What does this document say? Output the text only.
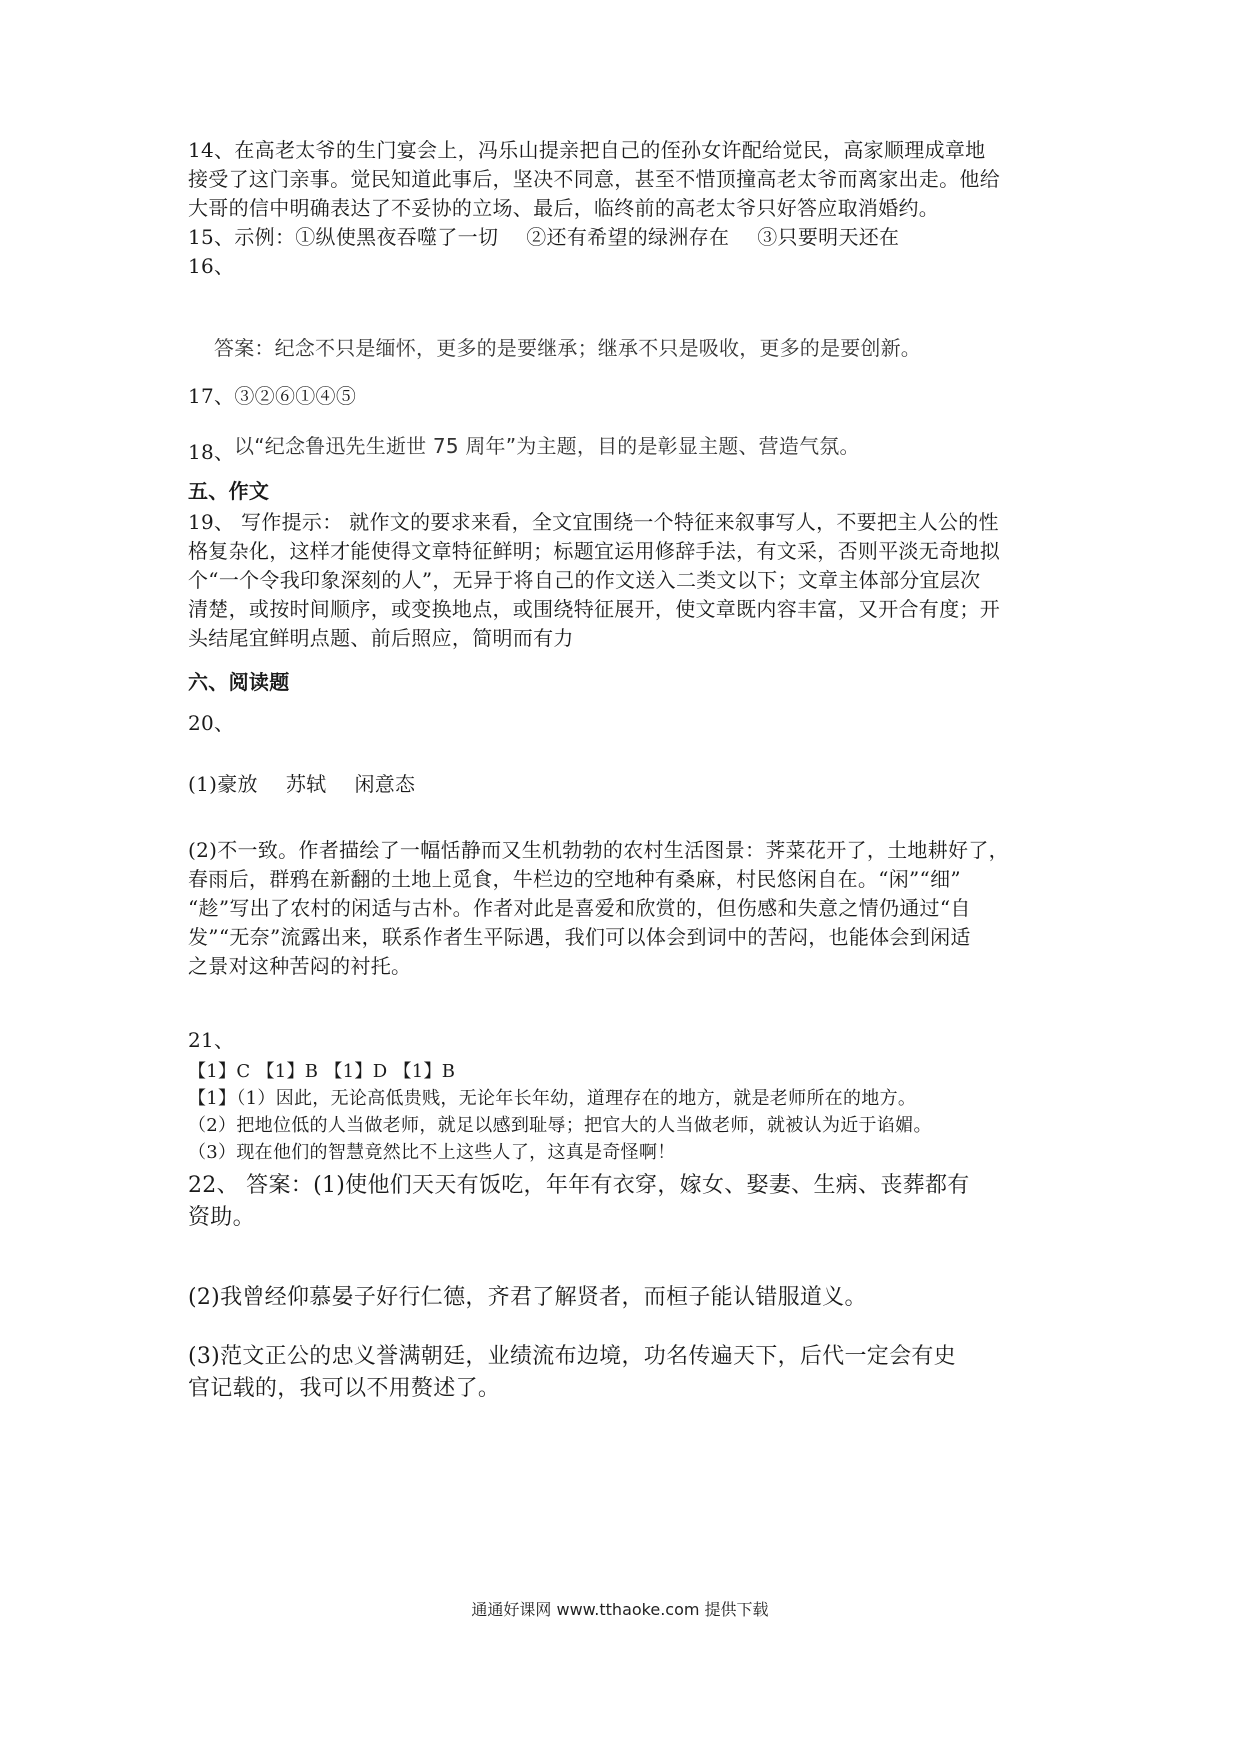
14、在高老太爷的生门宴会上，冯乐山提亲把自己的侄孙女许配给觉民，高家顺理成章地
接受了这门亲事。觉民知道此事后，坚决不同意，甚至不惜顶撞高老太爷而离家出走。他给
大哥的信中明确表达了不妥协的立场、最后，临终前的高老太爷只好答应取消婚约。
15、示例：①纵使黑夜吞噬了一切 ②还有希望的绿洲存在 ③只要明天还在
16、
答案：纪念不只是缅怀，更多的是要继承；继承不只是吸收，更多的是要创新。
17、③②⑥①④⑤
18、 以“纪念鲁迅先生逝世 75 周年”为主题，目的是彰显主题、营造气氛。
五、作文
19、 写作提示： 就作文的要求来看，全文宜围绕一个特征来叙事写人，不要把主人公的性
格复杂化，这样才能使得文章特征鲜明；标题宜运用修辞手法，有文采，否则平淡无奇地拟
个“一个令我印象深刻的人”，无异于将自己的作文送入二类文以下；文章主体部分宜层次
清楚，或按时间顺序，或变换地点，或围绕特征展开，使文章既内容丰富，又开合有度；开
头结尾宜鲜明点题、前后照应，简明而有力
六、阅读题
20、
(1)豪放 苏轼 闲意态
(2)不一致。作者描绘了一幅恬静而又生机勃勃的农村生活图景：荠菜花开了，土地耕好了，
春雨后，群鸦在新翻的土地上觅食，牛栏边的空地种有桑麻，村民悠闲自在。“闲”“细”
“趁”写出了农村的闲适与古朴。作者对此是喜爱和欣赏的，但伤感和失意之情仍通过“自
发”“无奈”流露出来，联系作者生平际遇，我们可以体会到词中的苦闷，也能体会到闲适
之景对这种苦闷的衬托。
21、
【1】C 【1】B 【1】D 【1】B
【1】（1）因此，无论高低贵贱，无论年长年幼，道理存在的地方，就是老师所在的地方。
（2）把地位低的人当做老师，就足以感到耻辱；把官大的人当做老师，就被认为近于谄媚。
（3）现在他们的智慧竟然比不上这些人了，这真是奇怪啊！
22、 答案：(1)使他们天天有饭吃，年年有衣穿，嫁女、娶妻、生病、丧葬都有
资助。
(2)我曾经仰慕晏子好行仁德，齐君了解贤者，而桓子能认错服道义。
(3)范文正公的忠义誉满朝廷，业绩流布边境，功名传遍天下，后代一定会有史
官记载的，我可以不用赘述了。
通通好课网 www.tthaoke.com 提供下载
